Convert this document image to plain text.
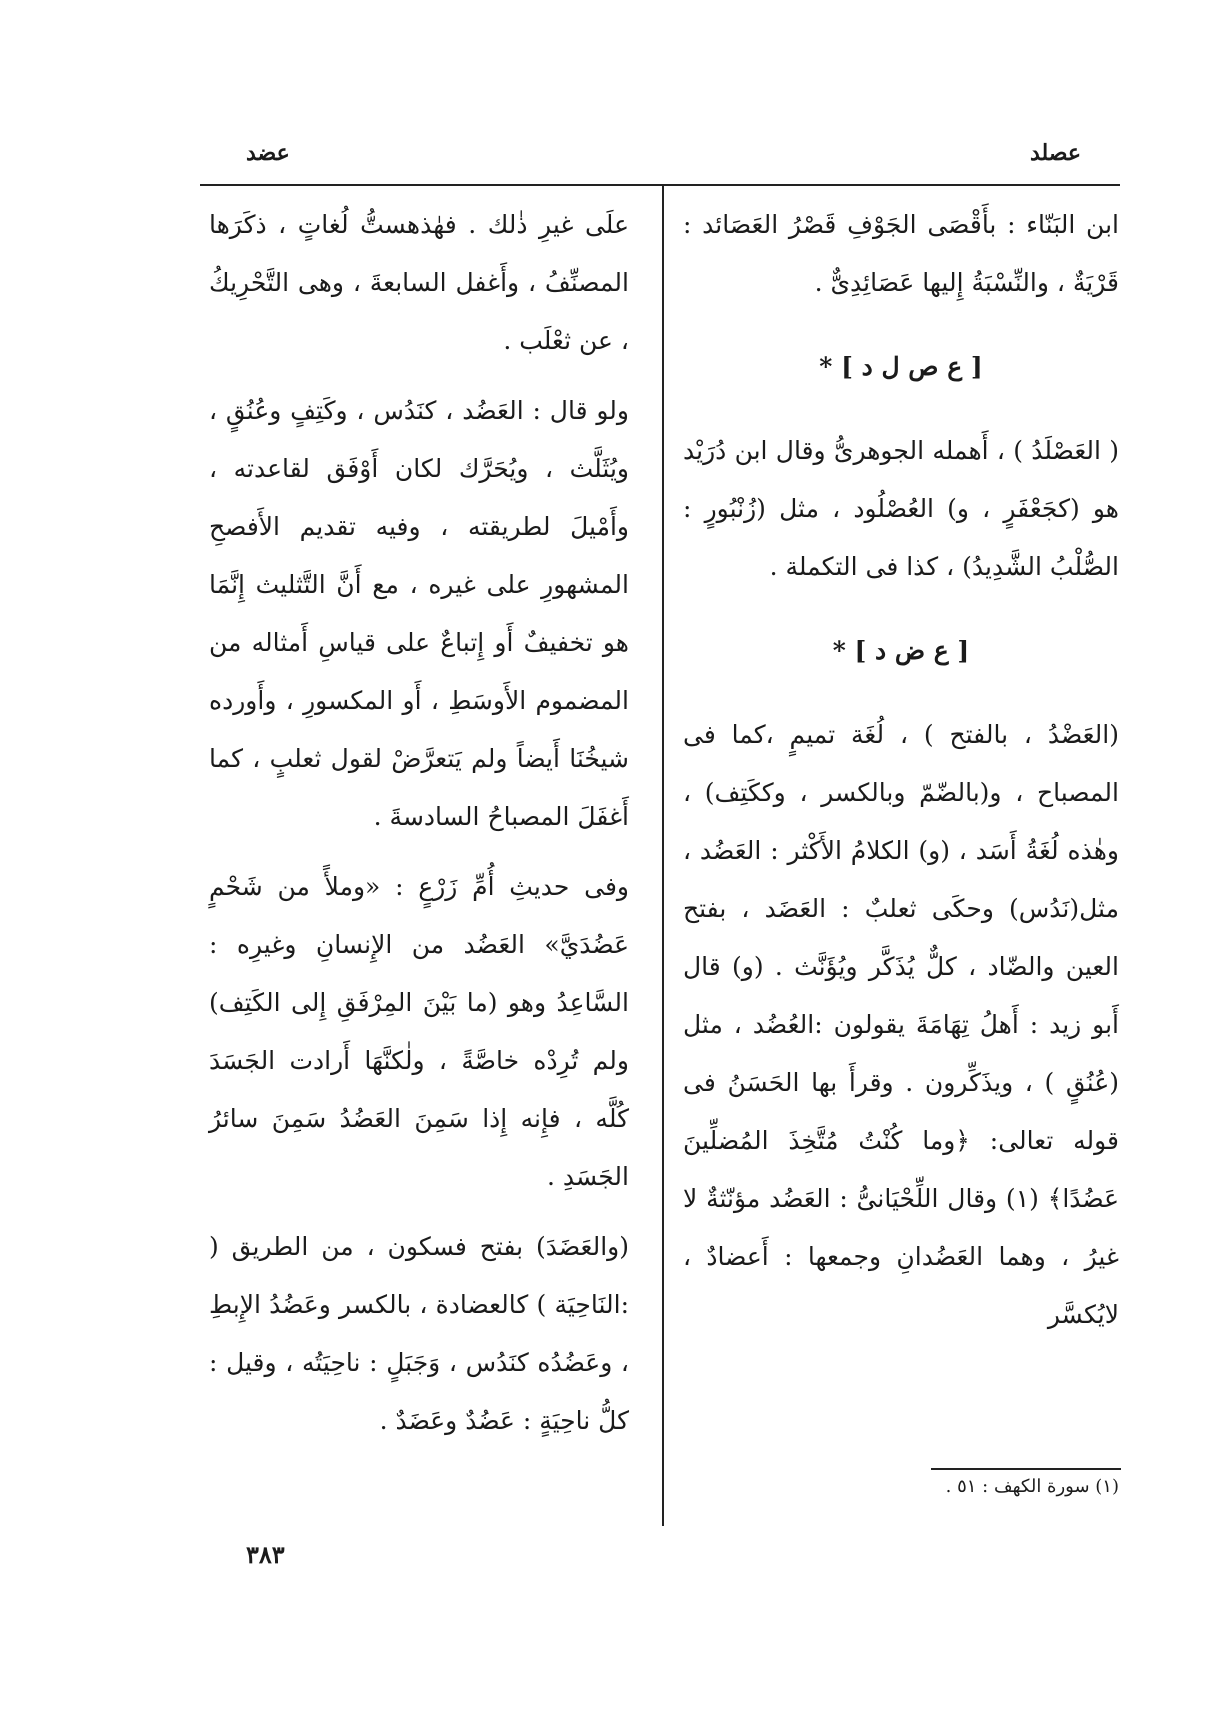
عصلد
عضد

ابن البَنّاء : بأَقْصَى الجَوْفِ قَصْرُ العَصَائد : قَرْيَةٌ ، والنِّسْبَةُ إِليها عَصَائِدِىٌّ .

[ ع ص ل د ] *

( العَصْلَدُ ) ، أَهمله الجوهرىُّ وقال ابن دُرَيْد هو (كجَعْفَرٍ ، و) العُصْلُود ، مثل (زُنْبُورٍ : الصُّلْبُ الشَّدِيدُ) ، كذا فى التكملة .

[ ع ض د ] *

(العَضْدُ ، بالفتح ) ، لُغَة تميمٍ ،كما فى المصباح ، و(بالضّمّ وبالكسر ، وككَتِف) ، وهٰذه لُغَةُ أَسَد ، (و) الكلامُ الأَكْثر : العَضُد ، مثل(نَدُس) وحكَى ثعلبٌ : العَضَد ، بفتح العين والضّاد ، كلٌّ يُذَكَّر ويُؤَنَّث . (و) قال أَبو زيد : أَهلُ تِهَامَةَ يقولون :العُضُد ، مثل (عُنُقٍ ) ، ويذَكِّرون . وقرأَ بها الحَسَنُ فى قوله تعالى: ﴿وما كُنْتُ مُتَّخِذَ المُضلِّينَ عَضُدًا﴾ (١) وقال اللِّحْيَانىُّ : العَضُد مؤنّثةٌ لا غيرُ ، وهما العَضُدانِ وجمعها : أَعضادٌ ، لايُكسَّر

علَى غيرِ ذٰلك . فهٰذهستُّ لُغاتٍ ، ذكَرَها المصنِّفُ ، وأَغفل السابعةَ ، وهى التَّحْرِيكُ ، عن ثعْلَب .

ولو قال : العَضُد ، كنَدُس ، وكَتِفٍ وعُنُقٍ ، ويُثَلَّث ، ويُحَرَّك لكان أَوْفَق لقاعدته ، وأَمْيلَ لطريقته ، وفيه تقديم الأَفصحِ المشهورِ على غيره ، مع أَنَّ التَّثليث إِنَّمَا هو تخفيفٌ أَو إِتباعٌ على قياسِ أَمثاله من المضموم الأَوسَطِ ، أَو المكسورِ ، وأَورده شيخُنَا أَيضاً ولم يَتعرَّضْ لقول ثعلبٍ ، كما أَغفَلَ المصباحُ السادسةَ .

وفى حديثِ أُمِّ زَرْعٍ : «وملأً من شَحْمٍ عَضُدَيَّ» العَضُد من الإِنسانِ وغيرِه : السَّاعِدُ وهو (ما بَيْنَ المِرْفَقِ إِلى الكَتِف) ولم تُرِدْه خاصَّةً ، ولٰكنَّهَا أَرادت الجَسَدَ كُلَّه ، فإِنه إِذا سَمِنَ العَضُدُ سَمِنَ سائرُ الجَسَدِ .

(والعَضَدَ) بفتح فسكون ، من الطريق ( :النَاحِيَة ) كالعضادة ، بالكسر وعَضُدُ الإِبطِ ، وعَضُدُه كنَدُس ، وَجَبَلٍ : ناحِيَتُه ، وقيل : كلُّ ناحِيَةٍ : عَضُدٌ وعَضَدٌ .

(١) سورة الكهف : ٥١ .
٣٨٣
